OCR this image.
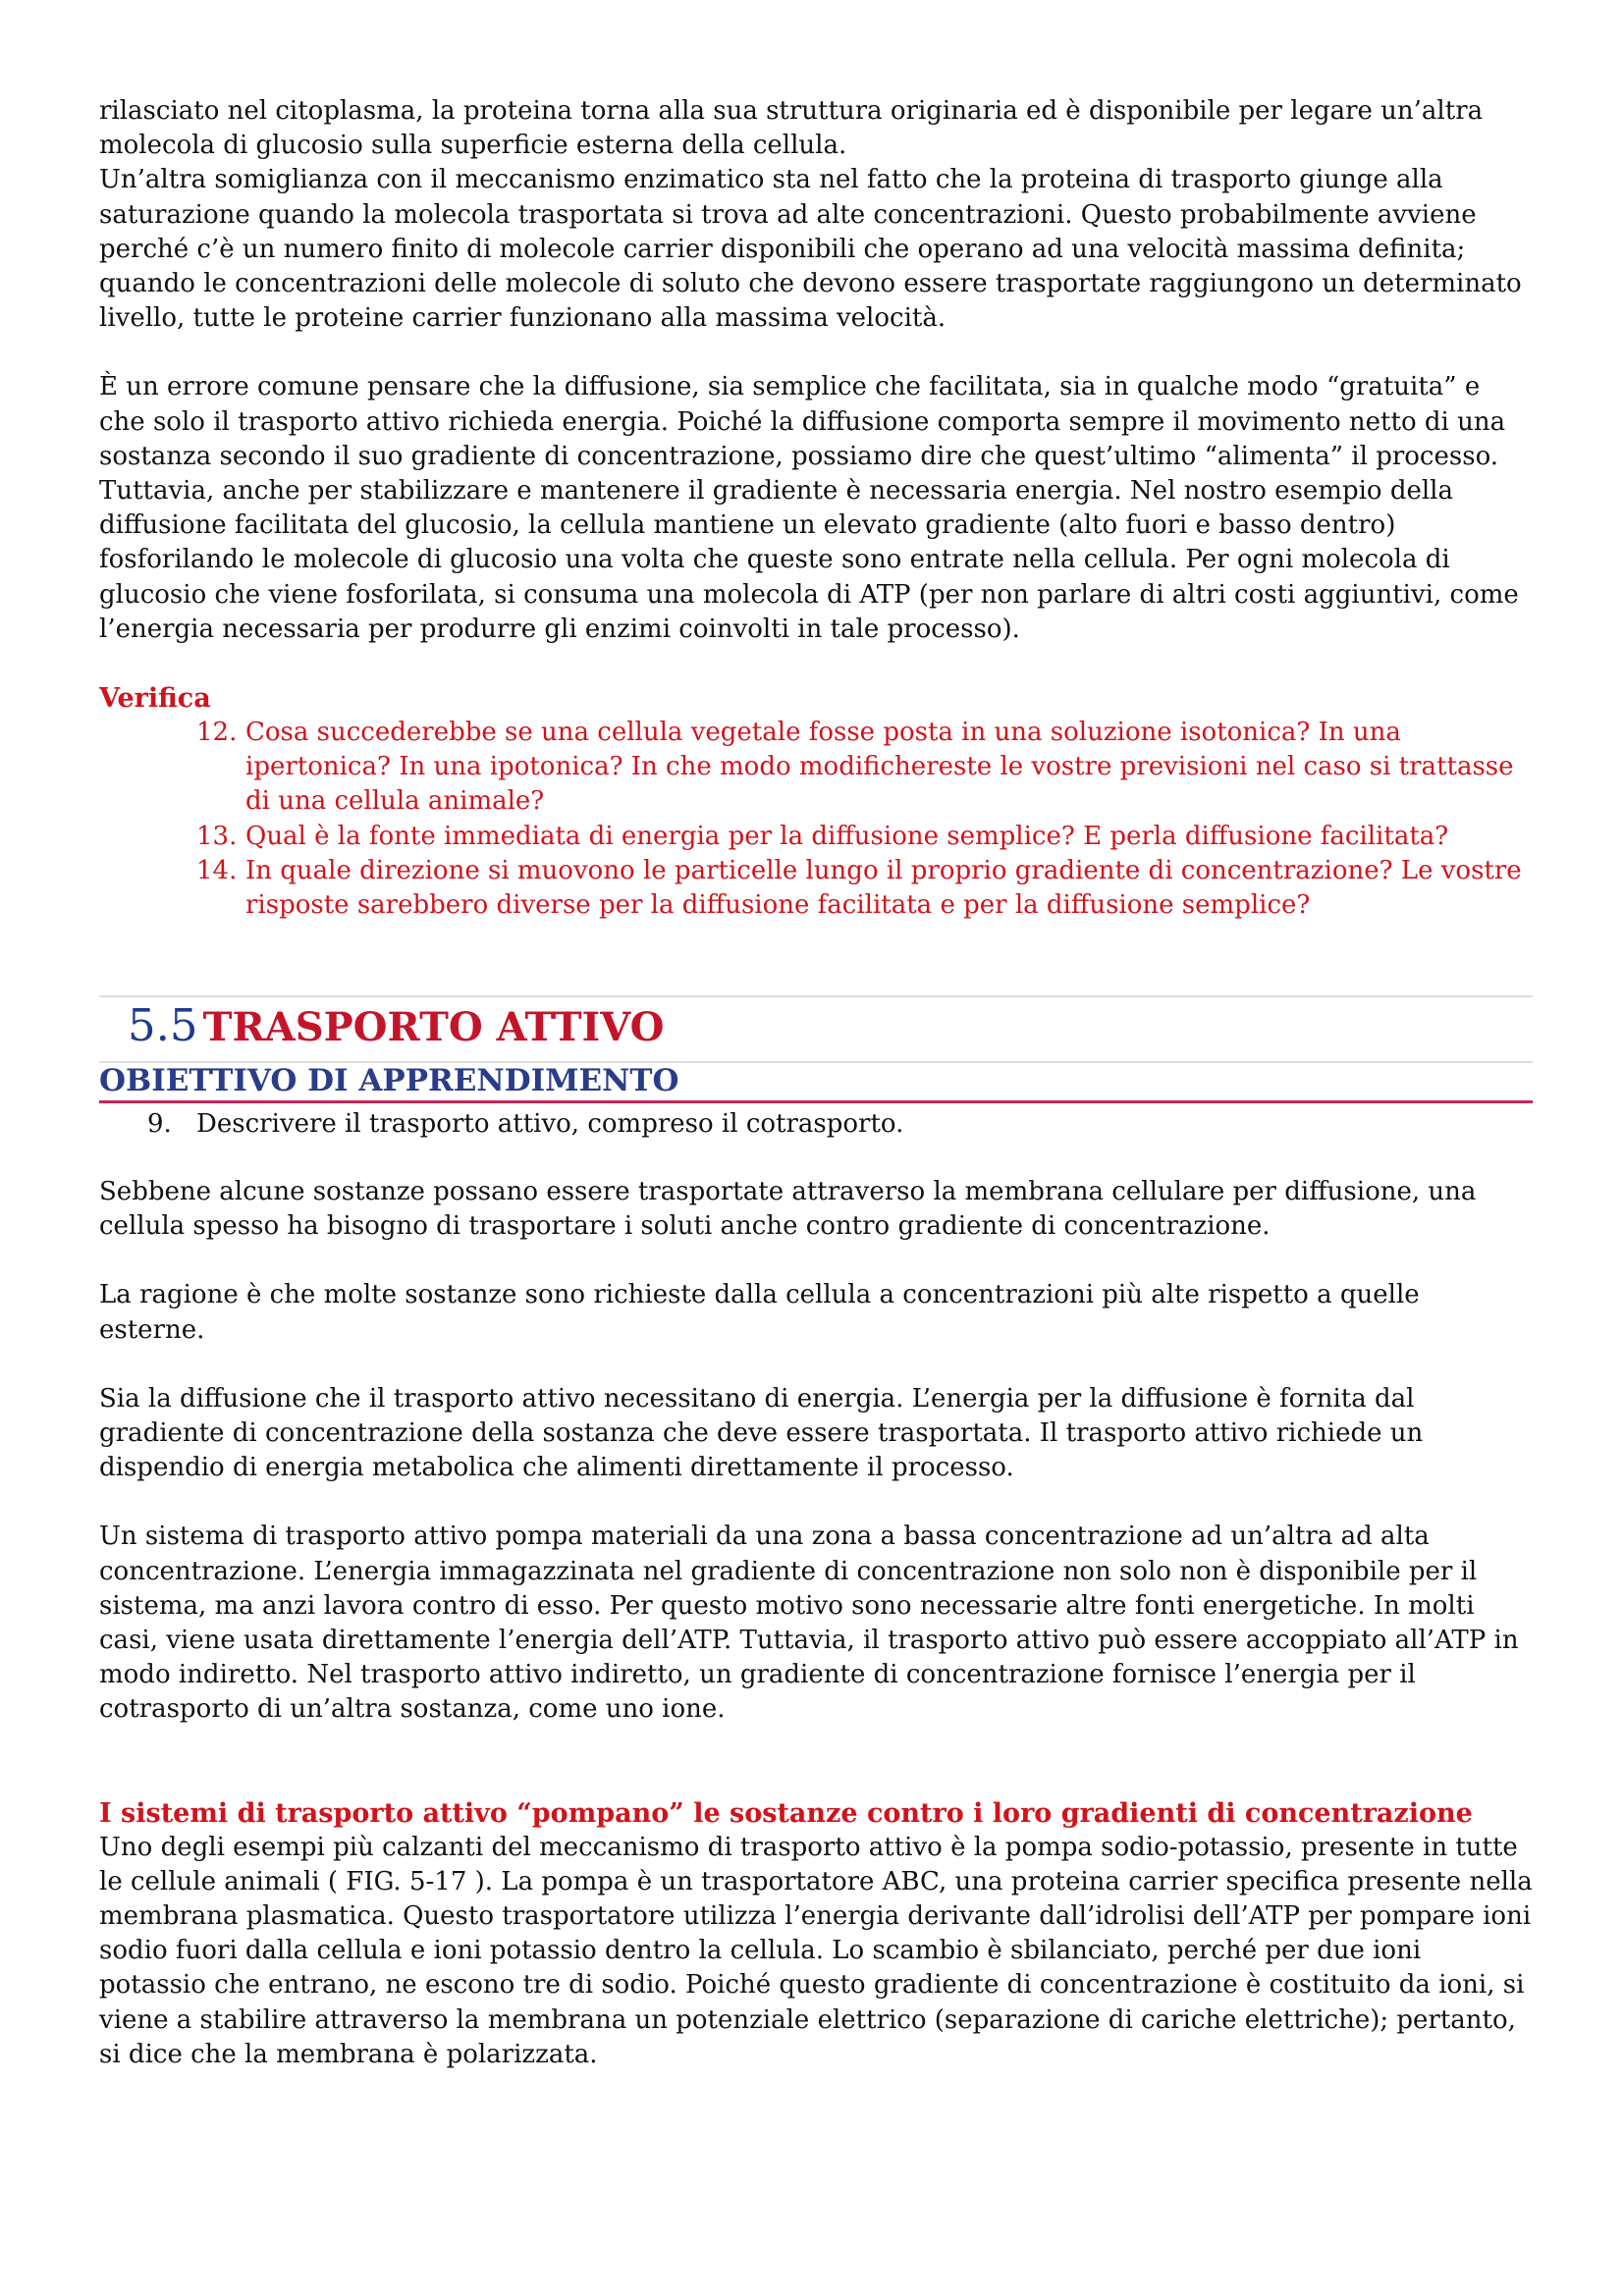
rilasciato nel citoplasma, la proteina torna alla sua struttura originaria ed è disponibile per legare un’altra molecola di glucosio sulla superficie esterna della cellula.

Un’altra somiglianza con il meccanismo enzimatico sta nel fatto che la proteina di trasporto giunge alla saturazione quando la molecola trasportata si trova ad alte concentrazioni. Questo probabilmente avviene perché c’è un numero finito di molecole carrier disponibili che operano ad una velocità massima definita; quando le concentrazioni delle molecole di soluto che devono essere trasportate raggiungono un determinato livello, tutte le proteine carrier funzionano alla massima velocità.

È un errore comune pensare che la diffusione, sia semplice che facilitata, sia in qualche modo “gratuita” e che solo il trasporto attivo richieda energia. Poiché la diffusione comporta sempre il movimento netto di una sostanza secondo il suo gradiente di concentrazione, possiamo dire che quest’ultimo “alimenta” il processo. Tuttavia, anche per stabilizzare e mantenere il gradiente è necessaria energia. Nel nostro esempio della diffusione facilitata del glucosio, la cellula mantiene un elevato gradiente (alto fuori e basso dentro) fosforilando le molecole di glucosio una volta che queste sono entrate nella cellula. Per ogni molecola di glucosio che viene fosforilata, si consuma una molecola di ATP (per non parlare di altri costi aggiuntivi, come l’energia necessaria per produrre gli enzimi coinvolti in tale processo).

Verifica

12. Cosa succederebbe se una cellula vegetale fosse posta in una soluzione isotonica? In una ipertonica? In una ipotonica? In che modo modifichereste le vostre previsioni nel caso si trattasse di una cellula animale?
13. Qual è la fonte immediata di energia per la diffusione semplice? E perla diffusione facilitata?
14. In quale direzione si muovono le particelle lungo il proprio gradiente di concentrazione? Le vostre risposte sarebbero diverse per la diffusione facilitata e per la diffusione semplice?
5.5 TRASPORTO ATTIVO
OBIETTIVO DI APPRENDIMENTO
9. Descrivere il trasporto attivo, compreso il cotrasporto.

Sebbene alcune sostanze possano essere trasportate attraverso la membrana cellulare per diffusione, una cellula spesso ha bisogno di trasportare i soluti anche contro gradiente di concentrazione.

La ragione è che molte sostanze sono richieste dalla cellula a concentrazioni più alte rispetto a quelle esterne.

Sia la diffusione che il trasporto attivo necessitano di energia. L’energia per la diffusione è fornita dal gradiente di concentrazione della sostanza che deve essere trasportata. Il trasporto attivo richiede un dispendio di energia metabolica che alimenti direttamente il processo.

Un sistema di trasporto attivo pompa materiali da una zona a bassa concentrazione ad un’altra ad alta concentrazione. L’energia immagazzinata nel gradiente di concentrazione non solo non è disponibile per il sistema, ma anzi lavora contro di esso. Per questo motivo sono necessarie altre fonti energetiche. In molti casi, viene usata direttamente l’energia dell’ATP. Tuttavia, il trasporto attivo può essere accoppiato all’ATP in modo indiretto. Nel trasporto attivo indiretto, un gradiente di concentrazione fornisce l’energia per il cotrasporto di un’altra sostanza, come uno ione.

I sistemi di trasporto attivo “pompano” le sostanze contro i loro gradienti di concentrazione

Uno degli esempi più calzanti del meccanismo di trasporto attivo è la pompa sodio-potassio, presente in tutte le cellule animali ( FIG. 5-17 ). La pompa è un trasportatore ABC, una proteina carrier specifica presente nella membrana plasmatica. Questo trasportatore utilizza l’energia derivante dall’idrolisi dell’ATP per pompare ioni sodio fuori dalla cellula e ioni potassio dentro la cellula. Lo scambio è sbilanciato, perché per due ioni potassio che entrano, ne escono tre di sodio. Poiché questo gradiente di concentrazione è costituito da ioni, si viene a stabilire attraverso la membrana un potenziale elettrico (separazione di cariche elettriche); pertanto, si dice che la membrana è polarizzata.
